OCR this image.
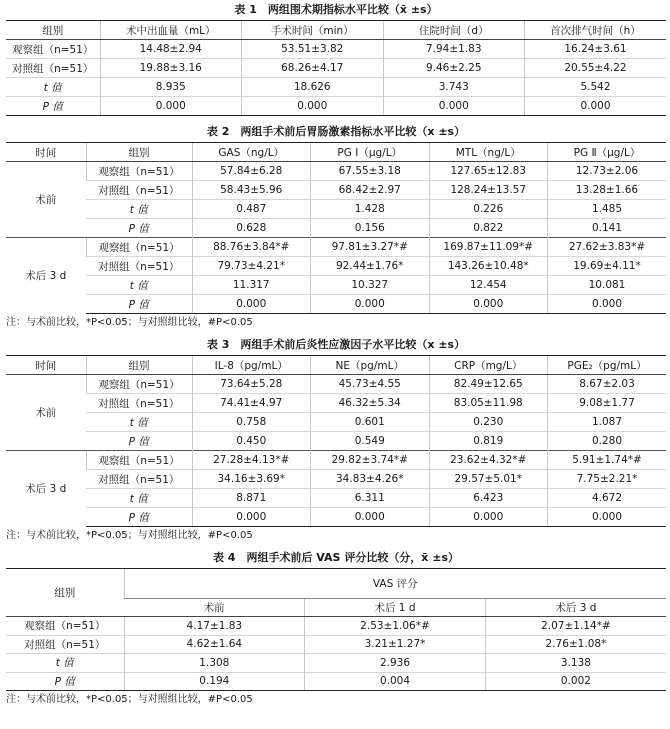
表 1　两组围术期指标水平比较（x̄ ±s）
组别	术中出血量（mL）	手术时间（min）	住院时间（d）	首次排气时间（h）
观察组（n=51）	14.48±2.94	53.51±3.82	7.94±1.83	16.24±3.61
对照组（n=51）	19.88±3.16	68.26±4.17	9.46±2.25	20.55±4.22
t 值	8.935	18.626	3.743	5.542
P 值	0.000	0.000	0.000	0.000
表 2　两组手术前后胃肠激素指标水平比较（x ±s）
时间	组别	GAS（ng/L）	PG Ⅰ（μg/L）	MTL（ng/L）	PG Ⅱ（μg/L）
术前	观察组（n=51）	57.84±6.28	67.55±3.18	127.65±12.83	12.73±2.06
	对照组（n=51）	58.43±5.96	68.42±2.97	128.24±13.57	13.28±1.66
	t 值	0.487	1.428	0.226	1.485
	P 值	0.628	0.156	0.822	0.141
术后 3 d	观察组（n=51）	88.76±3.84*#	97.81±3.27*#	169.87±11.09*#	27.62±3.83*#
	对照组（n=51）	79.73±4.21*	92.44±1.76*	143.26±10.48*	19.69±4.11*
	t 值	11.317	10.327	12.454	10.081
	P 值	0.000	0.000	0.000	0.000
注：与术前比较，*P<0.05；与对照组比较，#P<0.05
表 3　两组手术前后炎性应激因子水平比较（x ±s）
时间	组别	IL-8（pg/mL）	NE（pg/mL）	CRP（mg/L）	PGE₂（pg/mL）
术前	观察组（n=51）	73.64±5.28	45.73±4.55	82.49±12.65	8.67±2.03
	对照组（n=51）	74.41±4.97	46.32±5.34	83.05±11.98	9.08±1.77
	t 值	0.758	0.601	0.230	1.087
	P 值	0.450	0.549	0.819	0.280
术后 3 d	观察组（n=51）	27.28±4.13*#	29.82±3.74*#	23.62±4.32*#	5.91±1.74*#
	对照组（n=51）	34.16±3.69*	34.83±4.26*	29.57±5.01*	7.75±2.21*
	t 值	8.871	6.311	6.423	4.672
	P 值	0.000	0.000	0.000	0.000
注：与术前比较，*P<0.05；与对照组比较，#P<0.05
表 4　两组手术前后 VAS 评分比较（分，x̄ ±s）
组别	VAS 评分		
	术前	术后 1 d	术后 3 d
观察组（n=51）	4.17±1.83	2.53±1.06*#	2.07±1.14*#
对照组（n=51）	4.62±1.64	3.21±1.27*	2.76±1.08*
t 值	1.308	2.936	3.138
P 值	0.194	0.004	0.002
注：与术前比较，*P<0.05；与对照组比较，#P<0.05
